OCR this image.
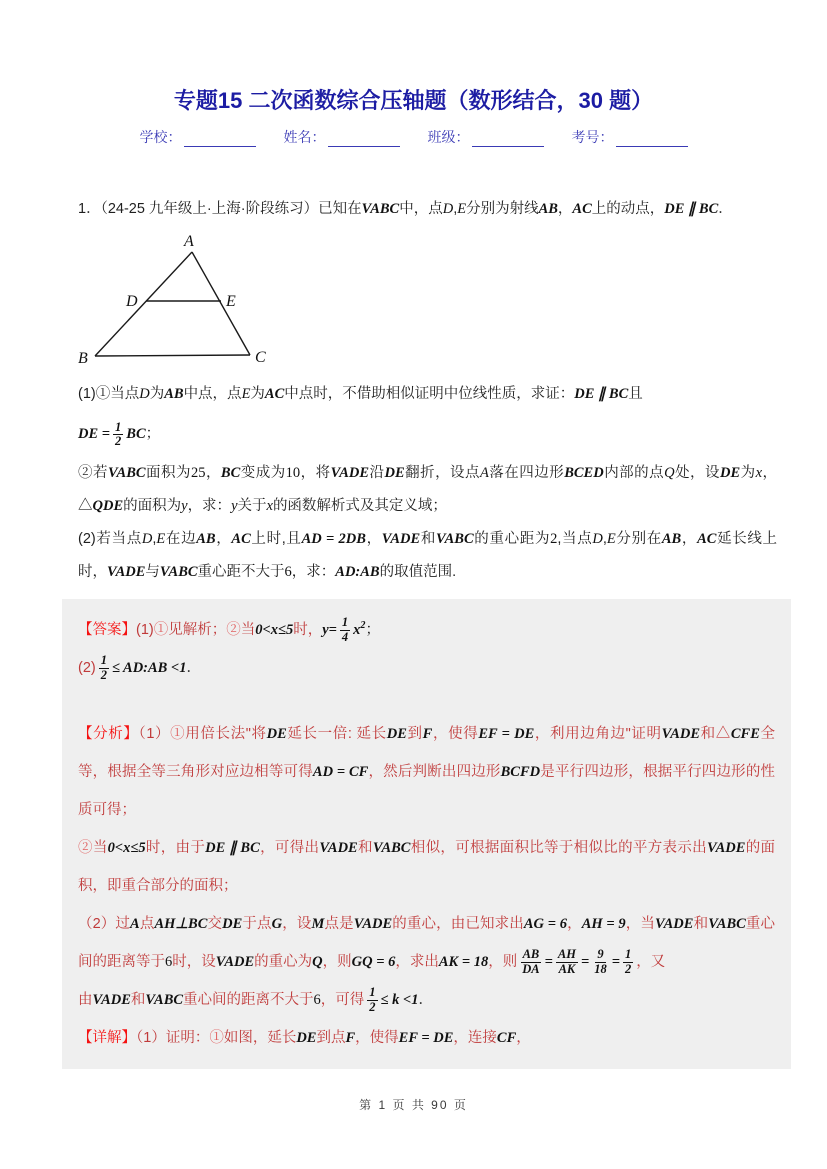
专题15 二次函数综合压轴题（数形结合，30 题）
学校：	姓名：	班级：	考号：
1．（24-25 九年级上·上海·阶段练习）已知在VABC中，点D,E分别为射线AB，AC上的动点，DE ∥ BC．
A
B	C
D	E
(1)①当点D为AB中点，点E为AC中点时，不借助相似证明中位线性质，求证：DE ∥ BC且
DE = $\frac{1}{2}$ BC；
②若VABC面积为25，BC变成为10，将VADE沿DE翻折，设点A落在四边形BCED内部的点Q处，设DE为x，△QDE的面积为y，求：y关于x的函数解析式及其定义域；
(2)若当点D,E在边AB，AC上时,且AD = 2DB，VADE和VABC的重心距为2,当点D,E分别在AB，AC延长线上时，VADE与VABC重心距不大于6，求：AD:AB的取值范围.
【答案】(1)①见解析；②当0<x≤5时，$y= \frac{1}{4} x^2$；
$(2) \frac{1}{2}$ ≤ AD:AB <1．
【分析】（1）①用倍长法"将DE延长一倍: 延长DE到F，使得EF = DE，利用边角边"证明VADE和△CFE全等，根据全等三角形对应边相等可得AD = CF，然后判断出四边形BCFD是平行四边形，根据平行四边形的性质可得；
②当0<x≤5时，由于DE ∥ BC，可得出VADE和VABC相似，可根据面积比等于相似比的平方表示出VADE的面积，即重合部分的面积；
（2）过A点AH⊥BC交DE于点G，设M点是VADE的重心，由已知求出AG = 6，AH = 9，当VADE和VABC重心间的距离等于6时，设VADE的重心为Q，则GQ = 6，求出AK = 18，则 $\frac{AB}{DA} = \frac{AH}{AK} = \frac{9}{18} = \frac{1}{2}$ ，又
由VADE和VABC重心间的距离不大于6，可得 $\frac{1}{2} \le k <1$．
【详解】（1）证明：①如图，延长DE到点F，使得EF = DE，连接CF，
第 1 页 共 90 页
